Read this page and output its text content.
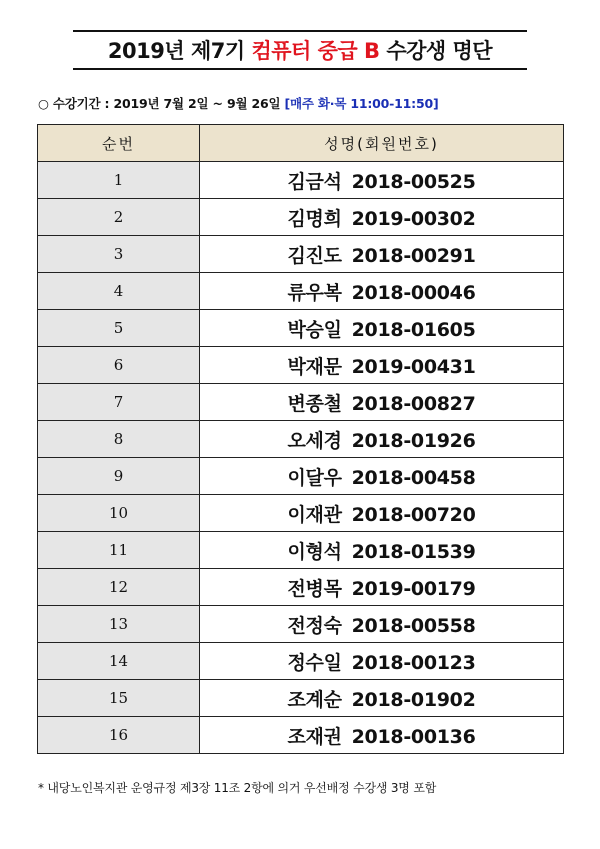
2019년 제7기
컴퓨터 중급 B
수강생 명단
○ 수강기간 : 2019년 7월 2일 ~ 9월 26일 [매주 화·목 11:00-11:50]
순번	성명(회원번호)
1	김금석 2018-00525
2	김명희 2019-00302
3	김진도 2018-00291
4	류우복 2018-00046
5	박승일 2018-01605
6	박재문 2019-00431
7	변종철 2018-00827
8	오세경 2018-01926
9	이달우 2018-00458
10	이재관 2018-00720
11	이형석 2018-01539
12	전병목 2019-00179
13	전정숙 2018-00558
14	정수일 2018-00123
15	조계순 2018-01902
16	조재권 2018-00136
* 내당노인복지관 운영규정 제3장 11조 2항에 의거 우선배정 수강생 3명 포함
